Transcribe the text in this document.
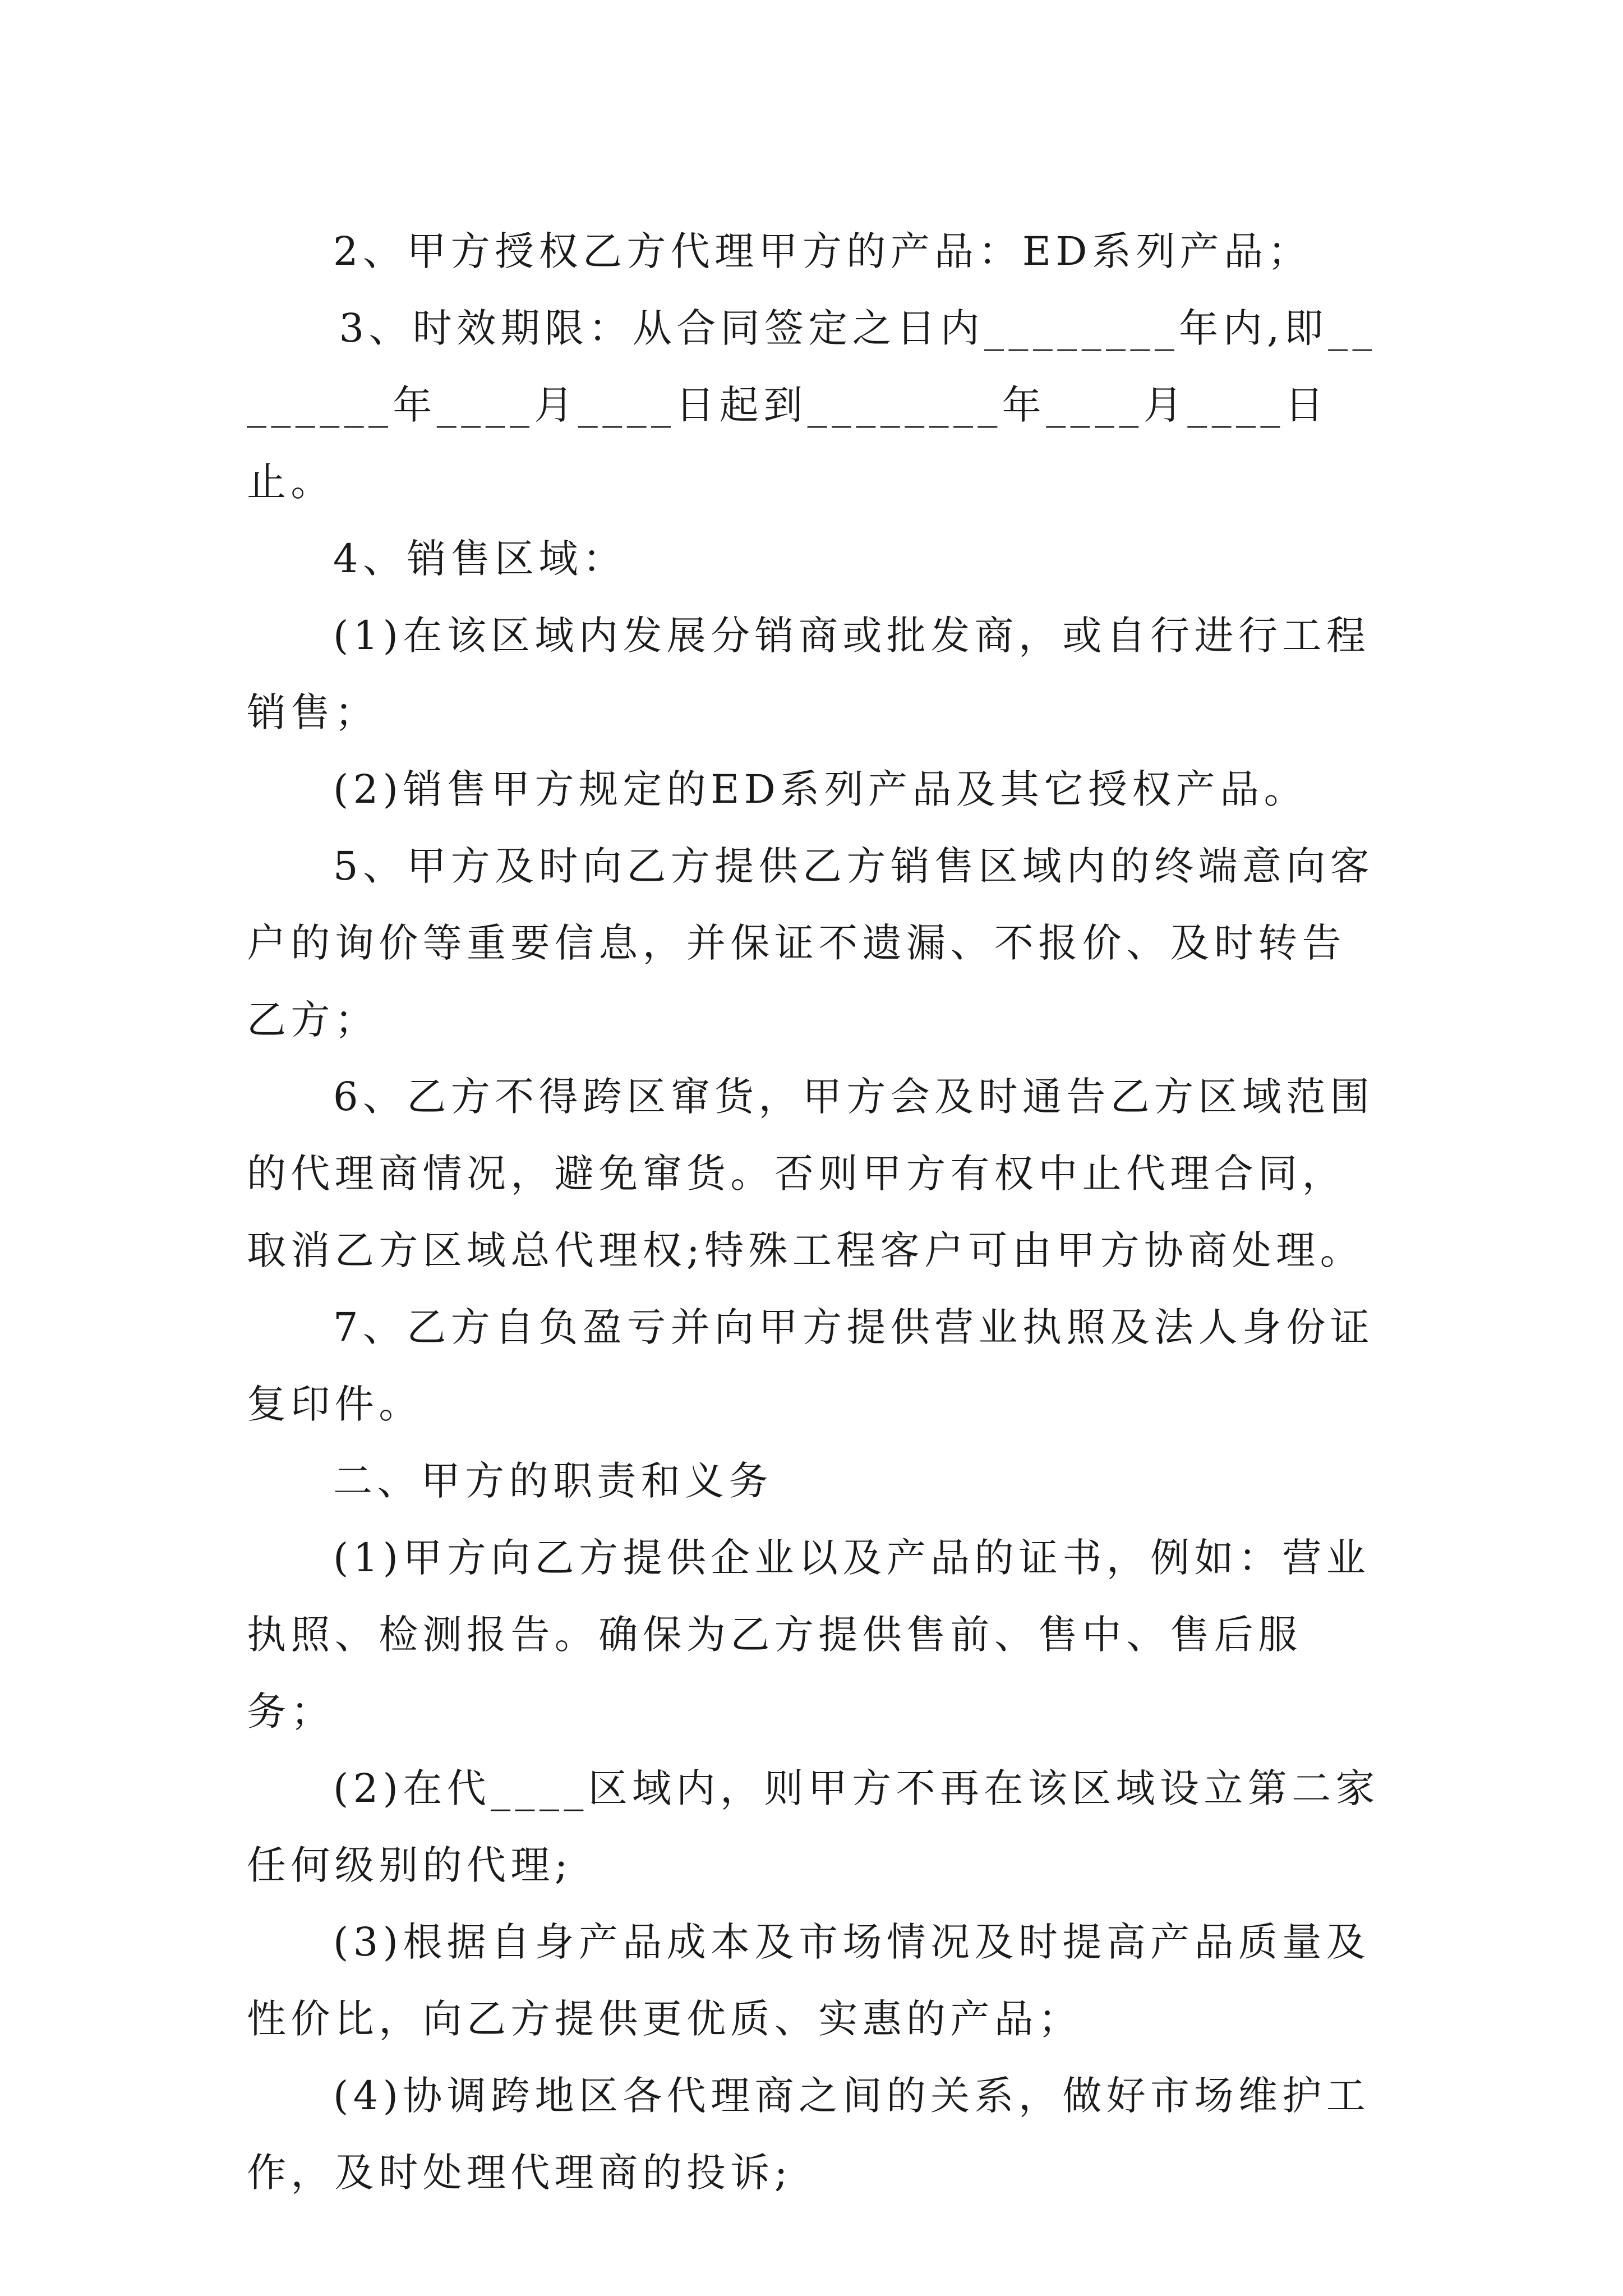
2、甲方授权乙方代理甲方的产品：ED系列产品；

3、时效期限：从合同签定之日内________年内,即________年____月____日起到________年____月____日止。

4、销售区域：

(1)在该区域内发展分销商或批发商，或自行进行工程销售；

(2)销售甲方规定的ED系列产品及其它授权产品。

5、甲方及时向乙方提供乙方销售区域内的终端意向客户的询价等重要信息，并保证不遗漏、不报价、及时转告乙方；

6、乙方不得跨区窜货，甲方会及时通告乙方区域范围的代理商情况，避免窜货。否则甲方有权中止代理合同，取消乙方区域总代理权;特殊工程客户可由甲方协商处理。

7、乙方自负盈亏并向甲方提供营业执照及法人身份证复印件。

二、甲方的职责和义务

(1)甲方向乙方提供企业以及产品的证书，例如：营业执照、检测报告。确保为乙方提供售前、售中、售后服务；

(2)在代____区域内，则甲方不再在该区域设立第二家任何级别的代理;

(3)根据自身产品成本及市场情况及时提高产品质量及性价比，向乙方提供更优质、实惠的产品；

(4)协调跨地区各代理商之间的关系，做好市场维护工作，及时处理代理商的投诉;
